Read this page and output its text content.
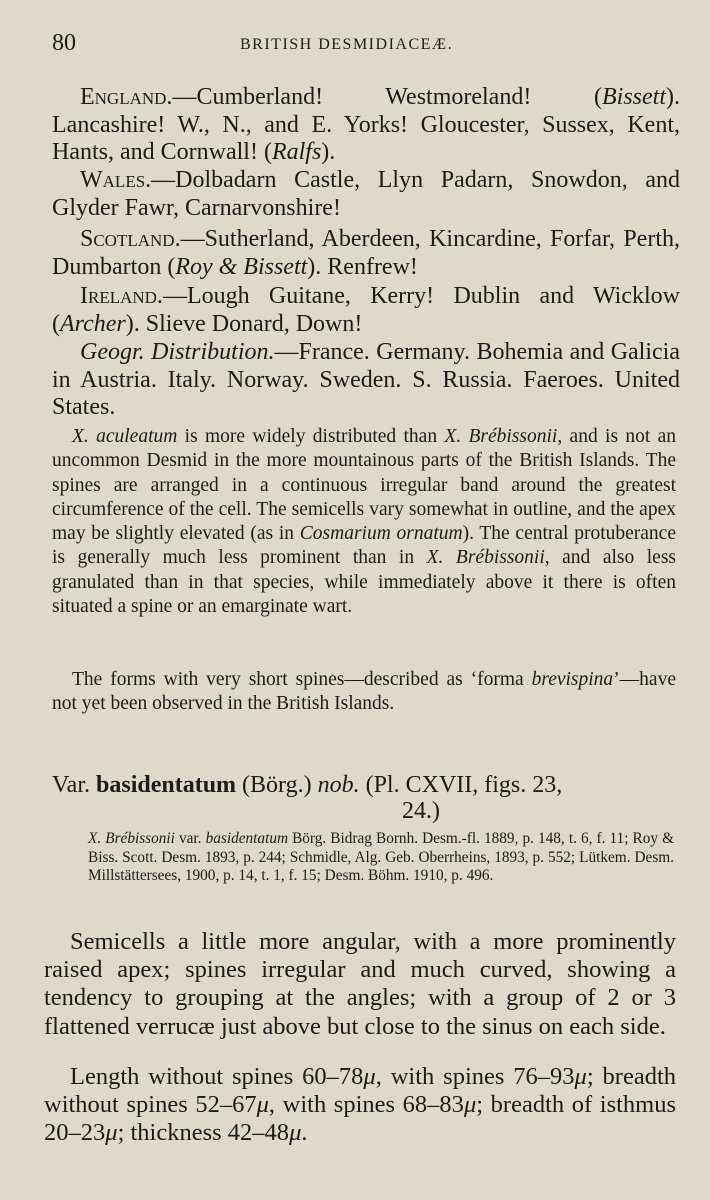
80	BRITISH DESMIDIACEÆ.
England.—Cumberland! Westmoreland! (Bissett). Lancashire! W., N., and E. Yorks! Gloucester, Sussex, Kent, Hants, and Cornwall! (Ralfs).
Wales.—Dolbadarn Castle, Llyn Padarn, Snowdon, and Glyder Fawr, Carnarvonshire!
Scotland.—Sutherland, Aberdeen, Kincardine, Forfar, Perth, Dumbarton (Roy & Bissett). Renfrew!
Ireland.—Lough Guitane, Kerry! Dublin and Wicklow (Archer). Slieve Donard, Down!
Geogr. Distribution.—France. Germany. Bohemia and Galicia in Austria. Italy. Norway. Sweden. S. Russia. Faeroes. United States.
X. aculeatum is more widely distributed than X. Brébissonii, and is not an uncommon Desmid in the more mountainous parts of the British Islands. The spines are arranged in a continuous irregular band around the greatest circumference of the cell. The semicells vary somewhat in outline, and the apex may be slightly elevated (as in Cosmarium ornatum). The central protuberance is generally much less prominent than in X. Brébissonii, and also less granulated than in that species, while immediately above it there is often situated a spine or an emarginate wart.
The forms with very short spines—described as ‘forma brevispina’—have not yet been observed in the British Islands.
Var. basidentatum (Börg.) nob. (Pl. CXVII, figs. 23,
24.)
X. Brébissonii var. basidentatum Börg. Bidrag Bornh. Desm.-fl. 1889, p. 148, t. 6, f. 11; Roy & Biss. Scott. Desm. 1893, p. 244; Schmidle, Alg. Geb. Oberrheins, 1893, p. 552; Lütkem. Desm. Millstättersees, 1900, p. 14, t. 1, f. 15; Desm. Böhm. 1910, p. 496.
Semicells a little more angular, with a more prominently raised apex; spines irregular and much curved, showing a tendency to grouping at the angles; with a group of 2 or 3 flattened verrucæ just above but close to the sinus on each side.
Length without spines 60–78μ, with spines 76–93μ; breadth without spines 52–67μ, with spines 68–83μ; breadth of isthmus 20–23μ; thickness 42–48μ.
